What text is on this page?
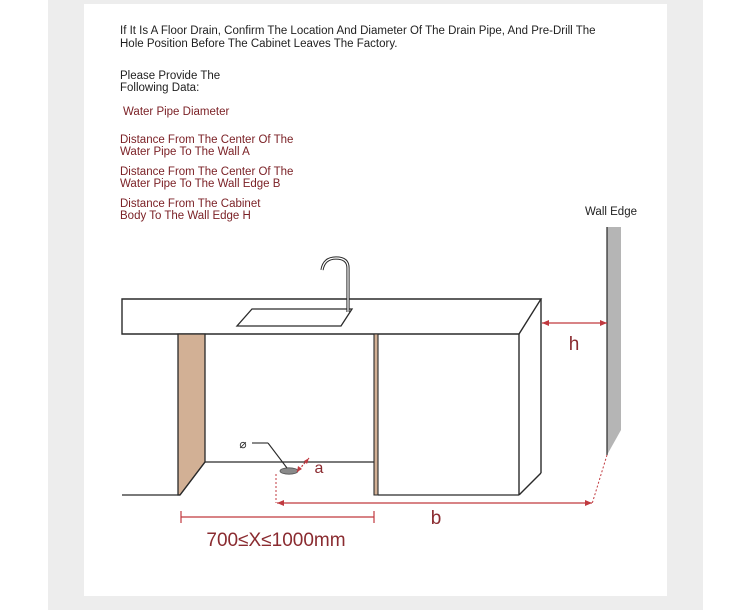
If It Is A Floor Drain, Confirm The Location And Diameter Of The Drain Pipe, And Pre-Drill The

Hole Position Before The Cabinet Leaves The Factory.

Please Provide The
Following Data:

Water Pipe Diameter

Distance From The Center Of The
Water Pipe To The Wall A

Distance From The Center Of The
Water Pipe To The Wall Edge B

Distance From The Cabinet
Body To The Wall Edge H	Wall Edge
⌀
a
h
b
700≤X≤1000mm
